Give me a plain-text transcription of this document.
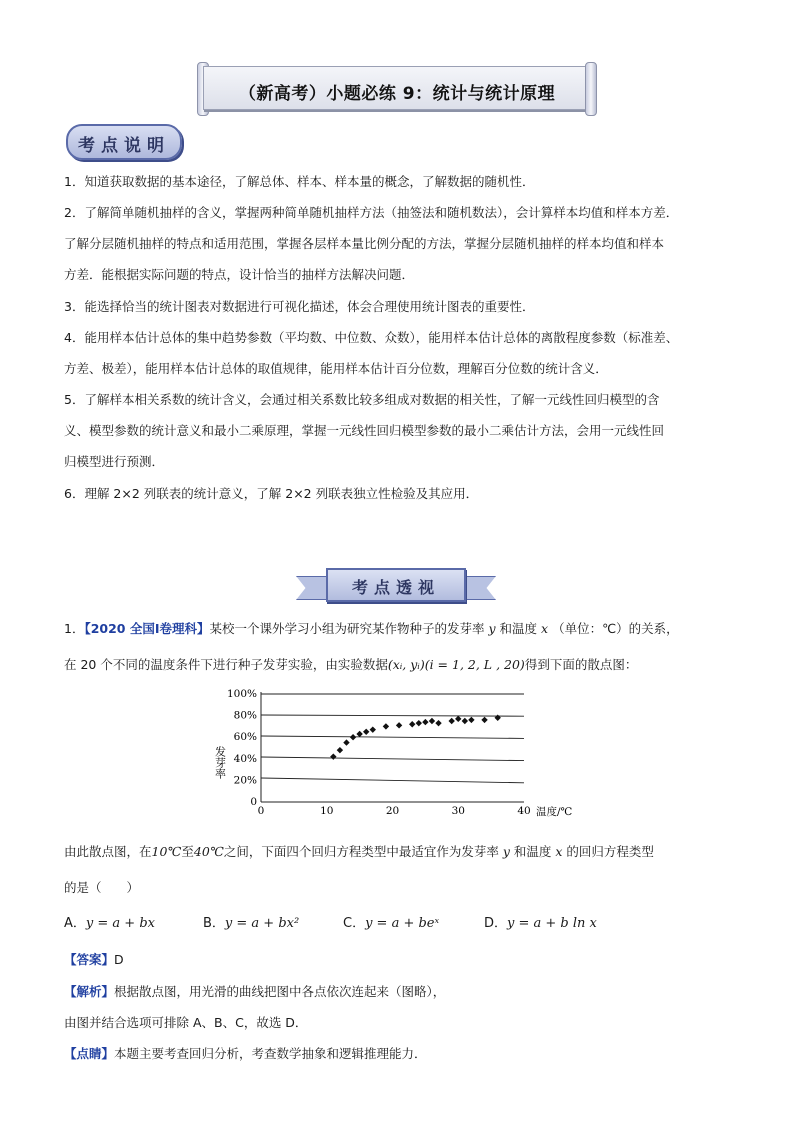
（新高考）小题必练 9：统计与统计原理
考点说明
1．知道获取数据的基本途径，了解总体、样本、样本量的概念，了解数据的随机性．
2．了解简单随机抽样的含义，掌握两种简单随机抽样方法（抽签法和随机数法），会计算样本均值和样本方差．
了解分层随机抽样的特点和适用范围，掌握各层样本量比例分配的方法，掌握分层随机抽样的样本均值和样本
方差．能根据实际问题的特点，设计恰当的抽样方法解决问题．
3．能选择恰当的统计图表对数据进行可视化描述，体会合理使用统计图表的重要性．
4．能用样本估计总体的集中趋势参数（平均数、中位数、众数），能用样本估计总体的离散程度参数（标准差、
方差、极差），能用样本估计总体的取值规律，能用样本估计百分位数，理解百分位数的统计含义．
5．了解样本相关系数的统计含义，会通过相关系数比较多组成对数据的相关性，了解一元线性回归模型的含
义、模型参数的统计意义和最小二乘原理，掌握一元线性回归模型参数的最小二乘估计方法，会用一元线性回
归模型进行预测．
6．理解 2×2 列联表的统计意义，了解 2×2 列联表独立性检验及其应用．
考点透视
1．【2020 全国Ⅰ卷理科】某校一个课外学习小组为研究某作物种子的发芽率 y 和温度 x （单位：℃）的关系，
在 20 个不同的温度条件下进行种子发芽实验，由实验数据(xᵢ, yᵢ)(i = 1, 2, L , 20)得到下面的散点图：
0
20%
40%
60%
80%
100%
0	10	20	30	40
发芽率
温度/℃
由此散点图，在10℃至40℃之间，下面四个回归方程类型中最适宜作为发芽率 y 和温度 x 的回归方程类型
的是（　　）
A．y = a + bx	B．y = a + bx²	C．y = a + beˣ	D．y = a + b ln x
【答案】D
【解析】根据散点图，用光滑的曲线把图中各点依次连起来（图略），
由图并结合选项可排除 A、B、C，故选 D．
【点睛】本题主要考查回归分析，考查数学抽象和逻辑推理能力．
